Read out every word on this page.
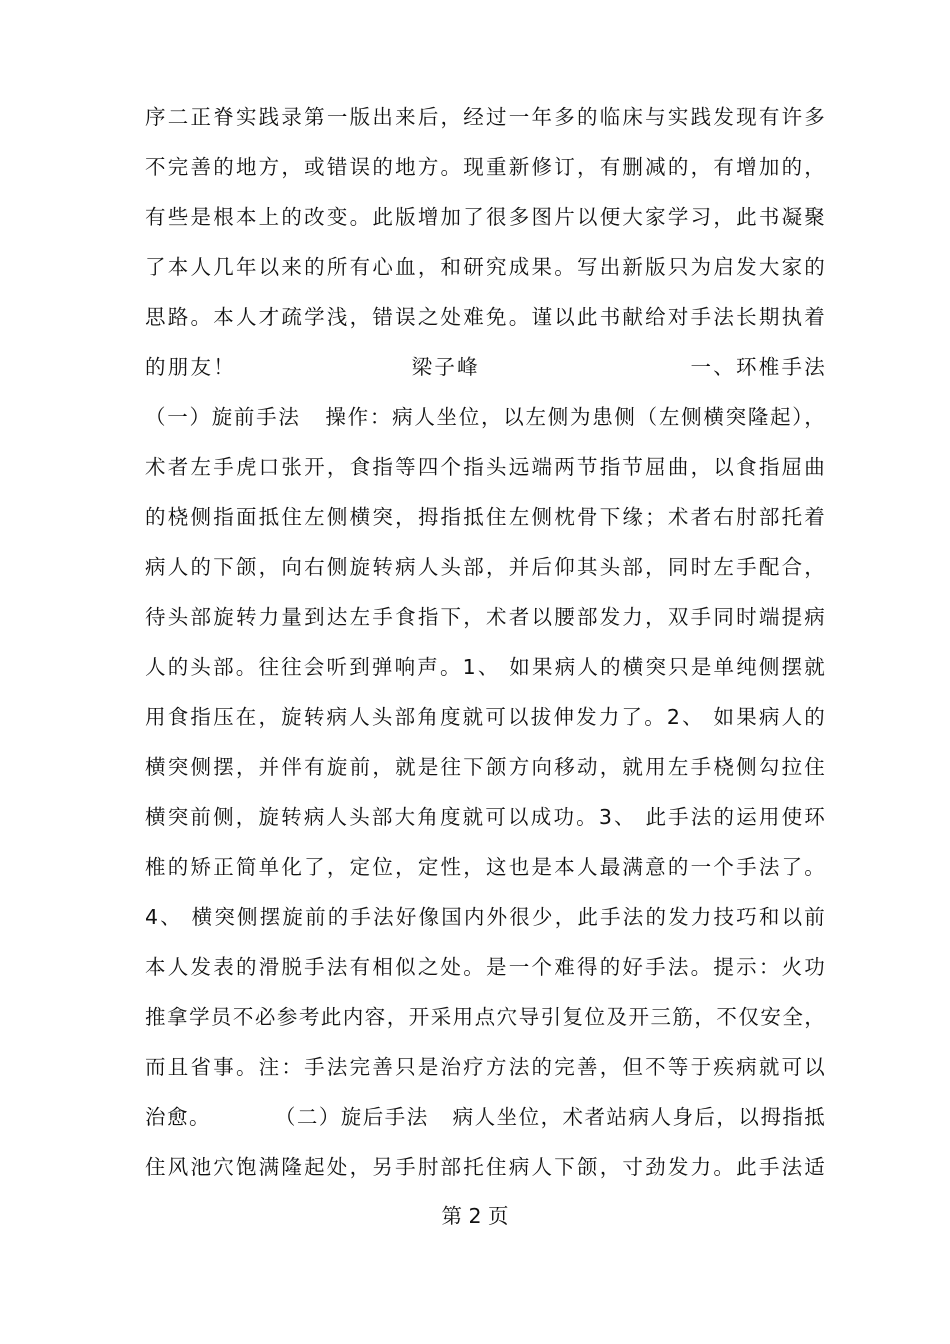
序二正脊实践录第一版出来后，经过一年多的临床与实践发现有许多
不完善的地方，或错误的地方。现重新修订，有删减的，有增加的，
有些是根本上的改变。此版增加了很多图片以便大家学习，此书凝聚
了本人几年以来的所有心血，和研究成果。写出新版只为启发大家的
思路。本人才疏学浅，错误之处难免。谨以此书献给对手法长期执着
的朋友！                    梁子峰                        一、环椎手法
（一）旋前手法   操作：病人坐位，以左侧为患侧（左侧横突隆起），
术者左手虎口张开，食指等四个指头远端两节指节屈曲，以食指屈曲
的桡侧指面抵住左侧横突，拇指抵住左侧枕骨下缘；术者右肘部托着
病人的下颌，向右侧旋转病人头部，并后仰其头部，同时左手配合，
待头部旋转力量到达左手食指下，术者以腰部发力，双手同时端提病
人的头部。往往会听到弹响声。1、 如果病人的横突只是单纯侧摆就
用食指压在，旋转病人头部角度就可以拔伸发力了。2、 如果病人的
横突侧摆，并伴有旋前，就是往下颌方向移动，就用左手桡侧勾拉住
横突前侧，旋转病人头部大角度就可以成功。3、 此手法的运用使环
椎的矫正简单化了，定位，定性，这也是本人最满意的一个手法了。
4、 横突侧摆旋前的手法好像国内外很少，此手法的发力技巧和以前
本人发表的滑脱手法有相似之处。是一个难得的好手法。提示：火功
推拿学员不必参考此内容，开采用点穴导引复位及开三筋，不仅安全，
而且省事。注：手法完善只是治疗方法的完善，但不等于疾病就可以
治愈。        （二）旋后手法   病人坐位，术者站病人身后，以拇指抵
住风池穴饱满隆起处，另手肘部托住病人下颌，寸劲发力。此手法适
第 2 页
